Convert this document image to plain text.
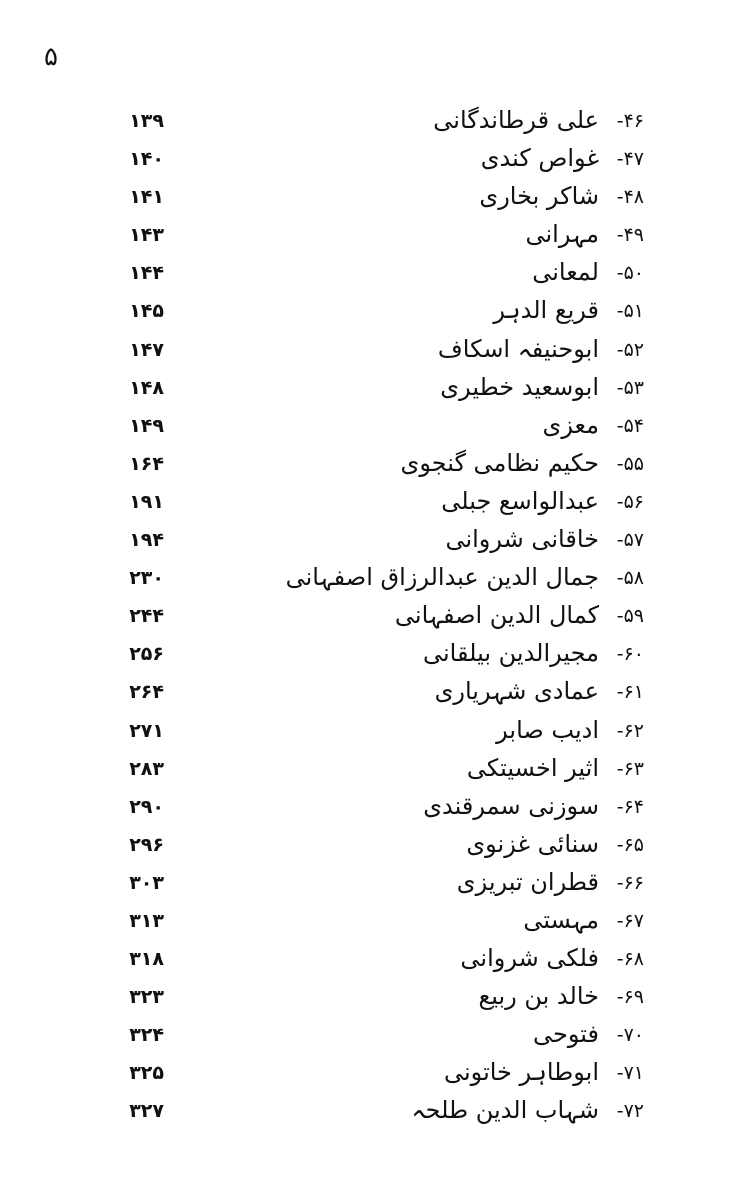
۵
۴۶-
علی قرطاندگانی
۱۳۹
۴۷-
غواص کندی
۱۴۰
۴۸-
شاکر بخاری
۱۴۱
۴۹-
مہرانی
۱۴۳
۵۰-
لمعانی
۱۴۴
۵۱-
قریع الدہر
۱۴۵
۵۲-
ابوحنیفہ اسکاف
۱۴۷
۵۳-
ابوسعید خطیری
۱۴۸
۵۴-
معزی
۱۴۹
۵۵-
حکیم نظامی گنجوی
۱۶۴
۵۶-
عبدالواسع جبلی
۱۹۱
۵۷-
خاقانی شروانی
۱۹۴
۵۸-
جمال الدین عبدالرزاق اصفہانی
۲۳۰
۵۹-
کمال الدین اصفہانی
۲۴۴
۶۰-
مجیرالدین بیلقانی
۲۵۶
۶۱-
عمادی شہریاری
۲۶۴
۶۲-
ادیب صابر
۲۷۱
۶۳-
اثیر اخسیتکی
۲۸۳
۶۴-
سوزنی سمرقندی
۲۹۰
۶۵-
سنائی غزنوی
۲۹۶
۶۶-
قطران تبریزی
۳۰۳
۶۷-
مہستی
۳۱۳
۶۸-
فلکی شروانی
۳۱۸
۶۹-
خالد بن ربیع
۳۲۳
۷۰-
فتوحی
۳۲۴
۷۱-
ابوطاہر خاتونی
۳۲۵
۷۲-
شہاب الدین طلحہ
۳۲۷
